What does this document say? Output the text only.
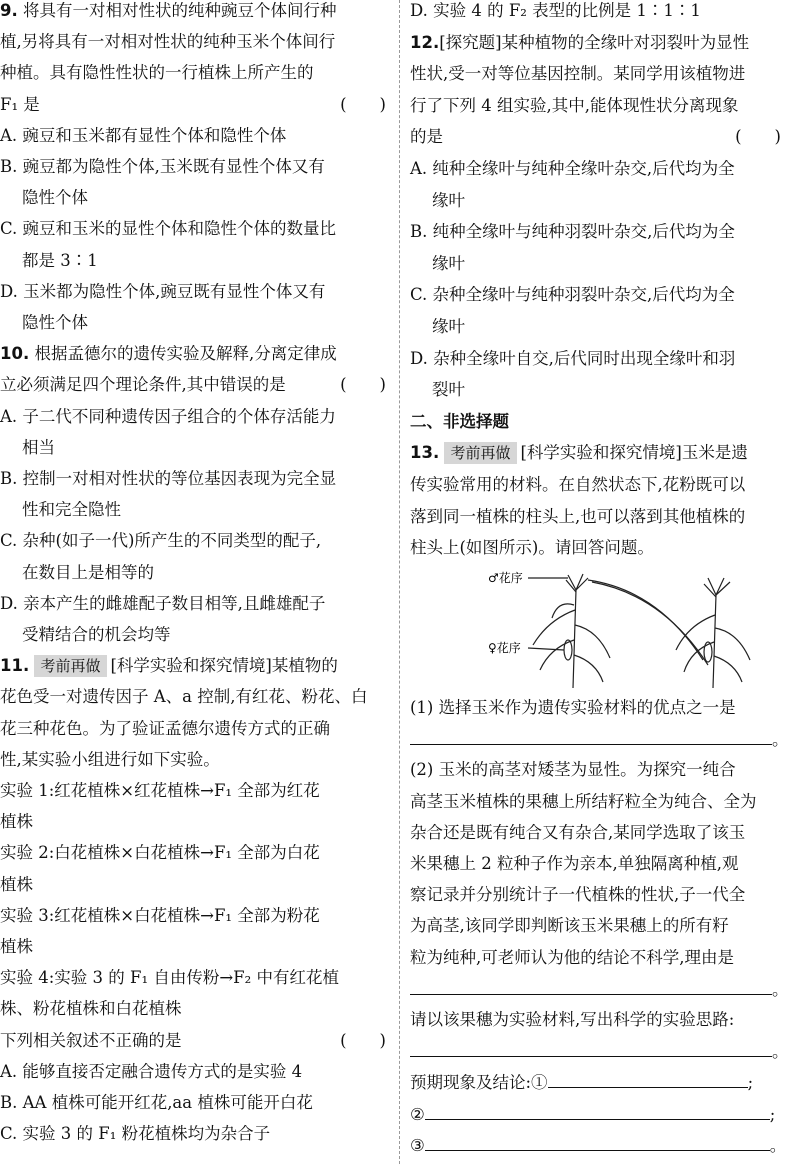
9. 将具有一对相对性状的纯种豌豆个体间行种
植,另将具有一对相对性状的纯种玉米个体间行
种植。具有隐性性状的一行植株上所产生的
F₁ 是	(　　)
A. 豌豆和玉米都有显性个体和隐性个体
B. 豌豆都为隐性个体,玉米既有显性个体又有
隐性个体
C. 豌豆和玉米的显性个体和隐性个体的数量比
都是 3∶1
D. 玉米都为隐性个体,豌豆既有显性个体又有
隐性个体
10. 根据孟德尔的遗传实验及解释,分离定律成
立必须满足四个理论条件,其中错误的是	(　　)
A. 子二代不同种遗传因子组合的个体存活能力
相当
B. 控制一对相对性状的等位基因表现为完全显
性和完全隐性
C. 杂种(如子一代)所产生的不同类型的配子,
在数目上是相等的
D. 亲本产生的雌雄配子数目相等,且雌雄配子
受精结合的机会均等
11. 考前再做 [科学实验和探究情境]某植物的
花色受一对遗传因子 A、a 控制,有红花、粉花、白
花三种花色。为了验证孟德尔遗传方式的正确
性,某实验小组进行如下实验。
实验 1:红花植株×红花植株→F₁ 全部为红花
植株
实验 2:白花植株×白花植株→F₁ 全部为白花
植株
实验 3:红花植株×白花植株→F₁ 全部为粉花
植株
实验 4:实验 3 的 F₁ 自由传粉→F₂ 中有红花植
株、粉花植株和白花植株
下列相关叙述不正确的是	(　　)
A. 能够直接否定融合遗传方式的是实验 4
B. AA 植株可能开红花,aa 植株可能开白花
C. 实验 3 的 F₁ 粉花植株均为杂合子
D. 实验 4 的 F₂ 表型的比例是 1∶1∶1
12.[探究题]某种植物的全缘叶对羽裂叶为显性
性状,受一对等位基因控制。某同学用该植物进
行了下列 4 组实验,其中,能体现性状分离现象
的是	(　　)
A. 纯种全缘叶与纯种全缘叶杂交,后代均为全
缘叶
B. 纯种全缘叶与纯种羽裂叶杂交,后代均为全
缘叶
C. 杂种全缘叶与纯种羽裂叶杂交,后代均为全
缘叶
D. 杂种全缘叶自交,后代同时出现全缘叶和羽
裂叶
二、非选择题
13. 考前再做 [科学实验和探究情境]玉米是遗
传实验常用的材料。在自然状态下,花粉既可以
落到同一植株的柱头上,也可以落到其他植株的
柱头上(如图所示)。请回答问题。
♂花序
♀花序
(1) 选择玉米作为遗传实验材料的优点之一是
。
(2) 玉米的高茎对矮茎为显性。为探究一纯合
高茎玉米植株的果穗上所结籽粒全为纯合、全为
杂合还是既有纯合又有杂合,某同学选取了该玉
米果穗上 2 粒种子作为亲本,单独隔离种植,观
察记录并分别统计子一代植株的性状,子一代全
为高茎,该同学即判断该玉米果穗上的所有籽
粒为纯种,可老师认为他的结论不科学,理由是
。
请以该果穗为实验材料,写出科学的实验思路:
。
预期现象及结论:①	;
②	;
③	。
